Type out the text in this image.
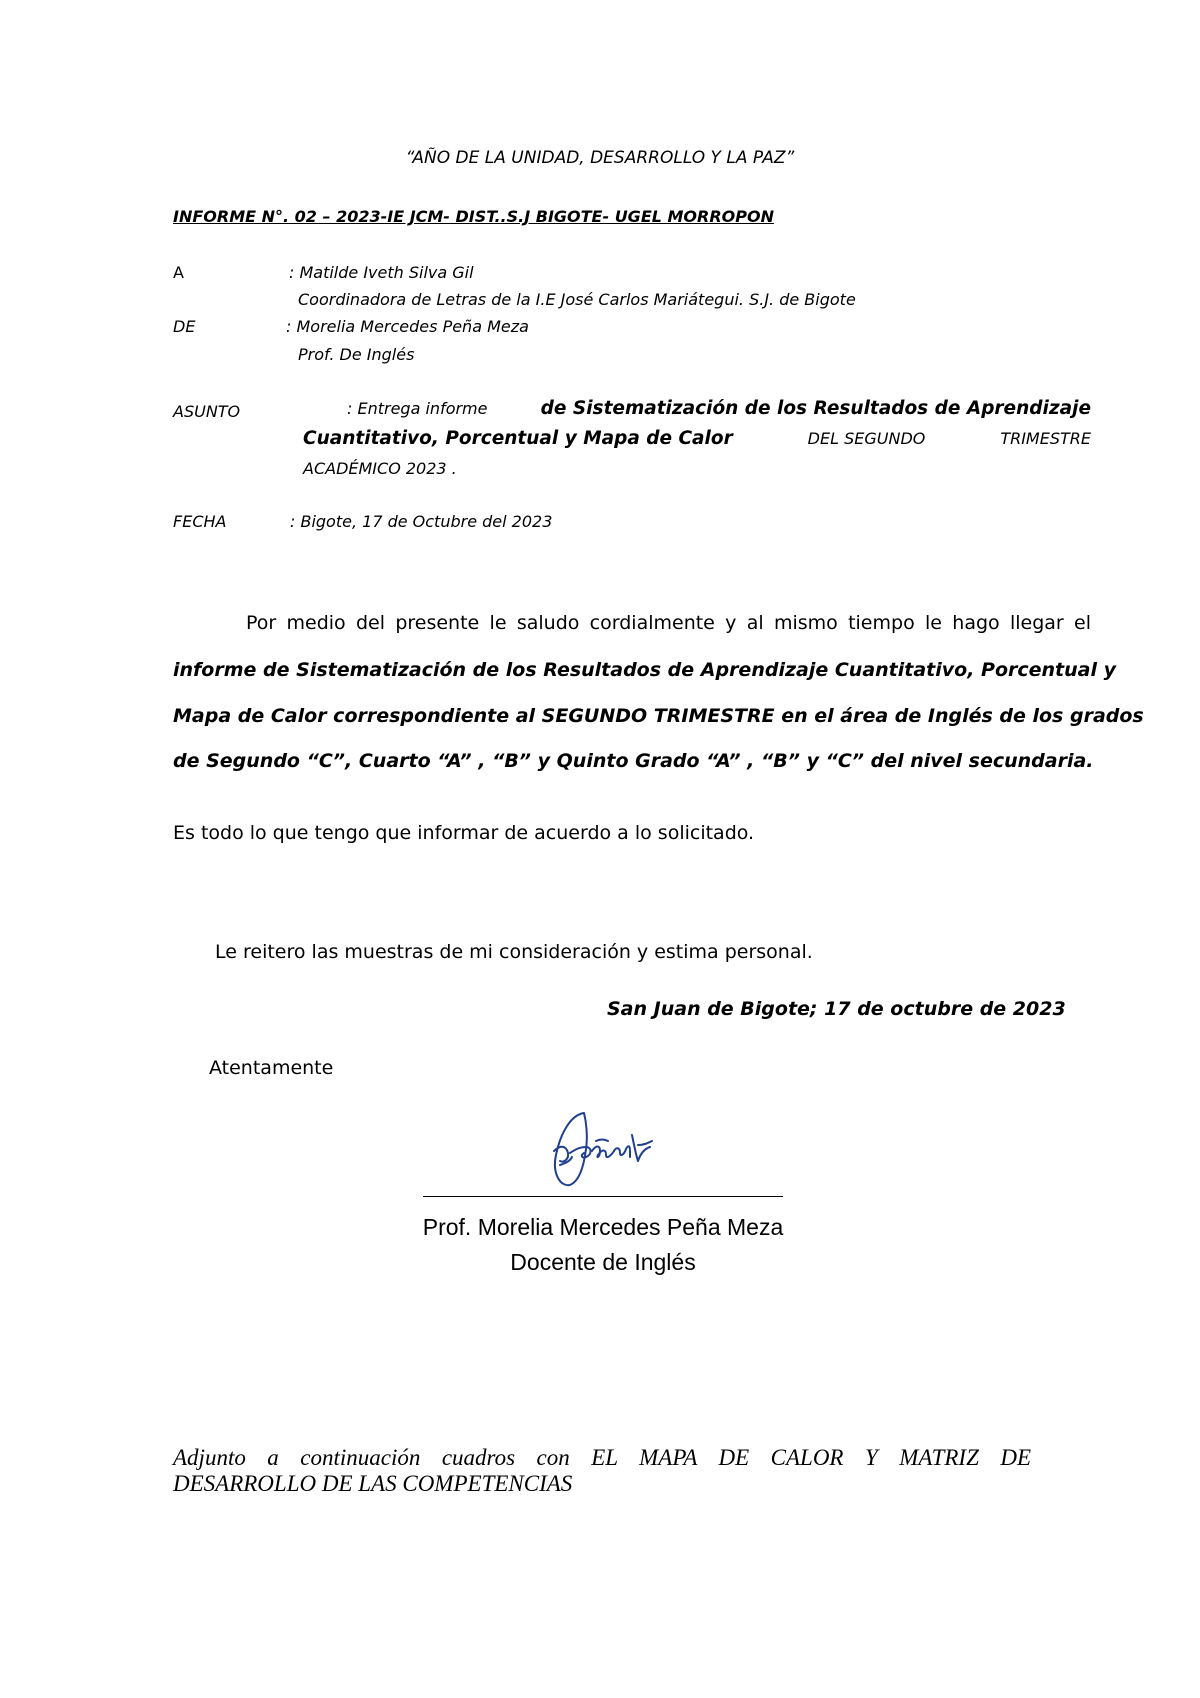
“AÑO DE LA UNIDAD, DESARROLLO Y LA PAZ”
INFORME N°. 02 – 2023-IE JCM- DIST..S.J BIGOTE- UGEL MORROPON
A	: Matilde Iveth Silva Gil
Coordinadora de Letras de la I.E José Carlos Mariátegui. S.J. de Bigote
DE	: Morelia Mercedes Peña Meza
Prof. De Inglés
ASUNTO	: Entrega informe	de Sistematización de los Resultados de Aprendizaje
Cuantitativo, Porcentual y Mapa de Calor	DEL SEGUNDO	TRIMESTRE
ACADÉMICO 2023 .
FECHA	: Bigote, 17 de Octubre del 2023
Por medio del presente le saludo cordialmente y al mismo tiempo le hago llegar el
informe de Sistematización de los Resultados de Aprendizaje Cuantitativo, Porcentual y
Mapa de Calor correspondiente al SEGUNDO TRIMESTRE en el área de Inglés de los grados
de Segundo “C”, Cuarto “A” , “B” y Quinto Grado “A” , “B” y “C” del nivel secundaria.
Es todo lo que tengo que informar de acuerdo a lo solicitado.
Le reitero las muestras de mi consideración y estima personal.
San Juan de Bigote; 17 de octubre de 2023
Atentamente
Prof. Morelia Mercedes Peña Meza
Docente de Inglés
Adjunto a continuación cuadros con EL MAPA DE CALOR Y MATRIZ DE
DESARROLLO DE LAS COMPETENCIAS
